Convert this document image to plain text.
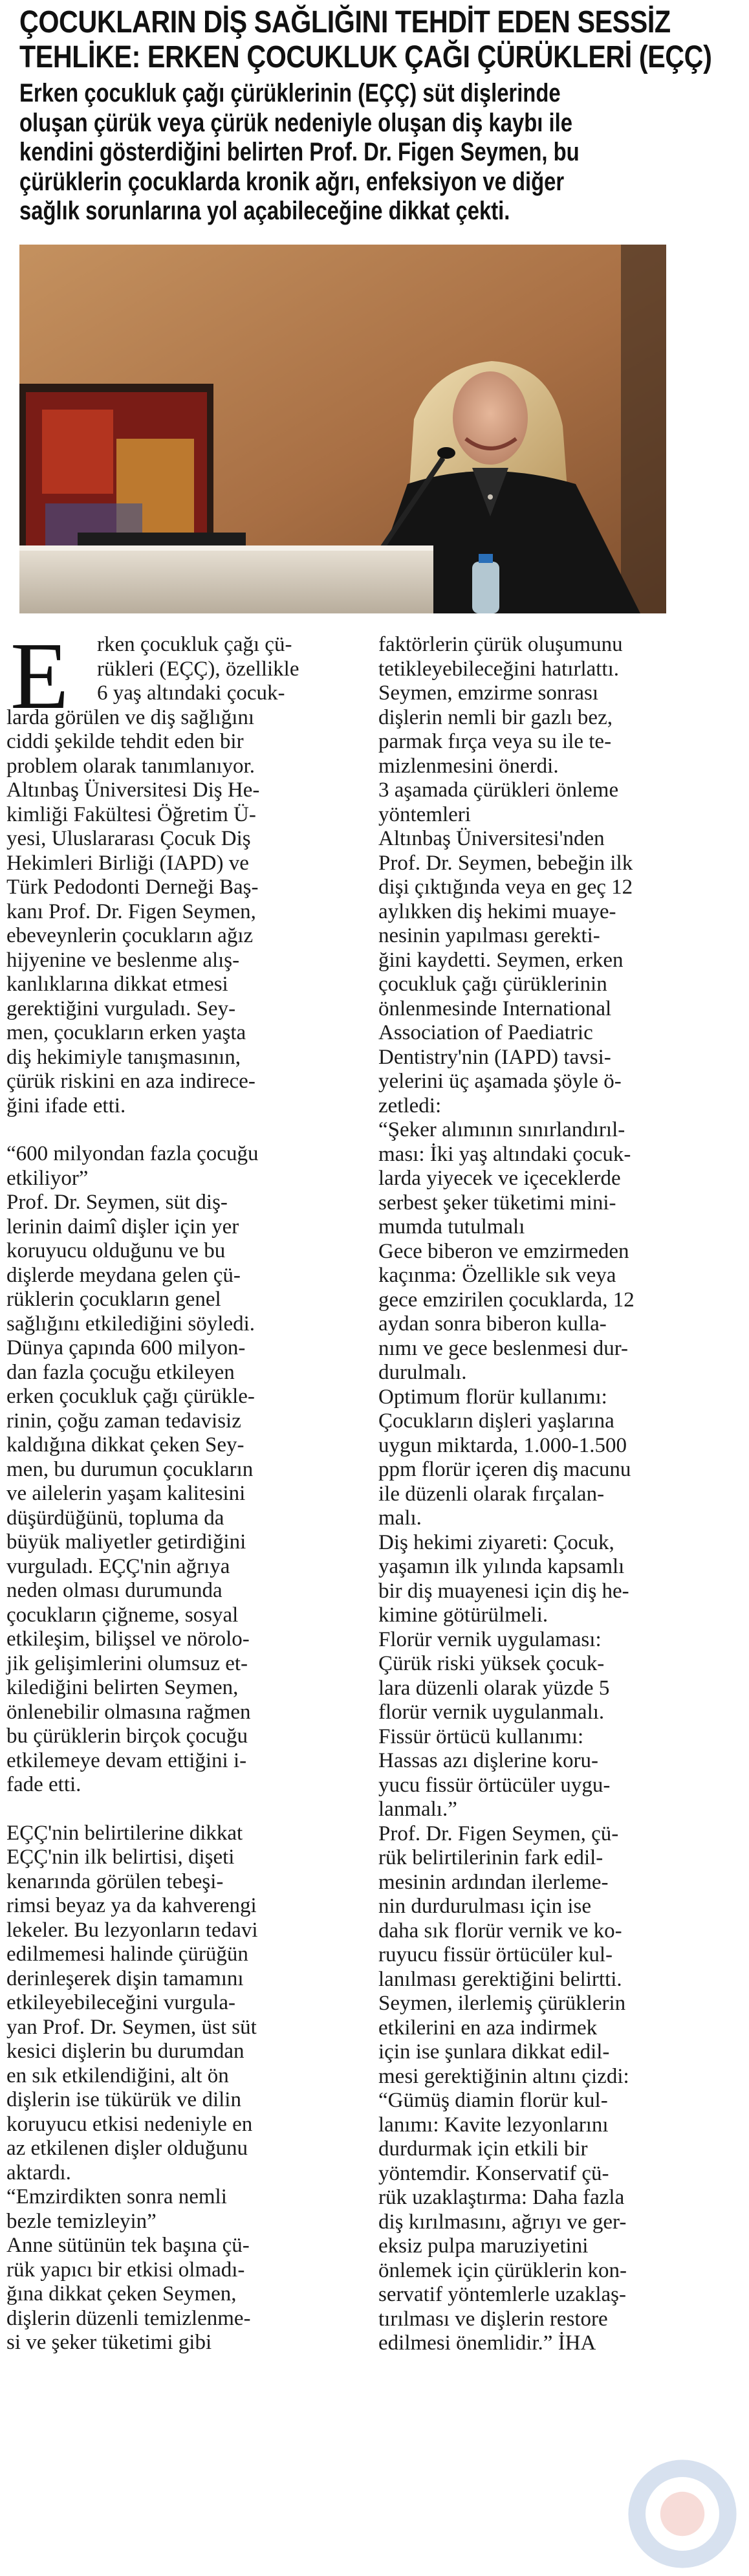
ÇOCUKLARIN DİŞ SAĞLIĞINI TEHDİT EDEN SESSİZ
TEHLİKE: ERKEN ÇOCUKLUK ÇAĞI ÇÜRÜKLERİ (EÇÇ)
Erken çocukluk çağı çürüklerinin (EÇÇ) süt dişlerinde
oluşan çürük veya çürük nedeniyle oluşan diş kaybı ile
kendini gösterdiğini belirten Prof. Dr. Figen Seymen, bu
çürüklerin çocuklarda kronik ağrı, enfeksiyon ve diğer
sağlık sorunlarına yol açabileceğine dikkat çekti.
E	rken çocukluk çağı çü-
rükleri (EÇÇ), özellikle
6 yaş altındaki çocuk-

larda görülen ve diş sağlığını
ciddi şekilde tehdit eden bir
problem olarak tanımlanıyor.
Altınbaş Üniversitesi Diş He-
kimliği Fakültesi Öğretim Ü-
yesi, Uluslararası Çocuk Diş
Hekimleri Birliği (IAPD) ve
Türk Pedodonti Derneği Baş-
kanı Prof. Dr. Figen Seymen,
ebeveynlerin çocukların ağız
hijyenine ve beslenme alış-
kanlıklarına dikkat etmesi
gerektiğini vurguladı. Sey-
men, çocukların erken yaşta
diş hekimiyle tanışmasının,
çürük riskini en aza indirece-
ğini ifade etti.

“600 milyondan fazla çocuğu
etkiliyor”
Prof. Dr. Seymen, süt diş-
lerinin daimî dişler için yer
koruyucu olduğunu ve bu
dişlerde meydana gelen çü-
rüklerin çocukların genel
sağlığını etkilediğini söyledi.
Dünya çapında 600 milyon-
dan fazla çocuğu etkileyen
erken çocukluk çağı çürükle-
rinin, çoğu zaman tedavisiz
kaldığına dikkat çeken Sey-
men, bu durumun çocukların
ve ailelerin yaşam kalitesini
düşürdüğünü, topluma da
büyük maliyetler getirdiğini
vurguladı. EÇÇ'nin ağrıya
neden olması durumunda
çocukların çiğneme, sosyal
etkileşim, bilişsel ve nörolo-
jik gelişimlerini olumsuz et-
kilediğini belirten Seymen,
önlenebilir olmasına rağmen
bu çürüklerin birçok çocuğu
etkilemeye devam ettiğini i-
fade etti.

EÇÇ'nin belirtilerine dikkat
EÇÇ'nin ilk belirtisi, dişeti
kenarında görülen tebeşi-
rimsi beyaz ya da kahverengi
lekeler. Bu lezyonların tedavi
edilmemesi halinde çürüğün
derinleşerek dişin tamamını
etkileyebileceğini vurgula-
yan Prof. Dr. Seymen, üst süt
kesici dişlerin bu durumdan
en sık etkilendiğini, alt ön
dişlerin ise tükürük ve dilin
koruyucu etkisi nedeniyle en
az etkilenen dişler olduğunu
aktardı.
“Emzirdikten sonra nemli
bezle temizleyin”
Anne sütünün tek başına çü-
rük yapıcı bir etkisi olmadı-
ğına dikkat çeken Seymen,
dişlerin düzenli temizlenme-
si ve şeker tüketimi gibi

faktörlerin çürük oluşumunu
tetikleyebileceğini hatırlattı.
Seymen, emzirme sonrası
dişlerin nemli bir gazlı bez,
parmak fırça veya su ile te-
mizlenmesini önerdi.
3 aşamada çürükleri önleme
yöntemleri
Altınbaş Üniversitesi'nden
Prof. Dr. Seymen, bebeğin ilk
dişi çıktığında veya en geç 12
aylıkken diş hekimi muaye-
nesinin yapılması gerekti-
ğini kaydetti. Seymen, erken
çocukluk çağı çürüklerinin
önlenmesinde International
Association of Paediatric
Dentistry'nin (IAPD) tavsi-
yelerini üç aşamada şöyle ö-
zetledi:
“Şeker alımının sınırlandırıl-
ması: İki yaş altındaki çocuk-
larda yiyecek ve içeceklerde
serbest şeker tüketimi mini-
mumda tutulmalı
Gece biberon ve emzirmeden
kaçınma: Özellikle sık veya
gece emzirilen çocuklarda, 12
aydan sonra biberon kulla-
nımı ve gece beslenmesi dur-
durulmalı.
Optimum florür kullanımı:
Çocukların dişleri yaşlarına
uygun miktarda, 1.000-1.500
ppm florür içeren diş macunu
ile düzenli olarak fırçalan-
malı.
Diş hekimi ziyareti: Çocuk,
yaşamın ilk yılında kapsamlı
bir diş muayenesi için diş he-
kimine götürülmeli.
Florür vernik uygulaması:
Çürük riski yüksek çocuk-
lara düzenli olarak yüzde 5
florür vernik uygulanmalı.
Fissür örtücü kullanımı:
Hassas azı dişlerine koru-
yucu fissür örtücüler uygu-
lanmalı.”
Prof. Dr. Figen Seymen, çü-
rük belirtilerinin fark edil-
mesinin ardından ilerleme-
nin durdurulması için ise
daha sık florür vernik ve ko-
ruyucu fissür örtücüler kul-
lanılması gerektiğini belirtti.
Seymen, ilerlemiş çürüklerin
etkilerini en aza indirmek
için ise şunlara dikkat edil-
mesi gerektiğinin altını çizdi:
“Gümüş diamin florür kul-
lanımı: Kavite lezyonlarını
durdurmak için etkili bir
yöntemdir. Konservatif çü-
rük uzaklaştırma: Daha fazla
diş kırılmasını, ağrıyı ve ger-
eksiz pulpa maruziyetini
önlemek için çürüklerin kon-
servatif yöntemlerle uzaklaş-
tırılması ve dişlerin restore
edilmesi önemlidir.” İHA
